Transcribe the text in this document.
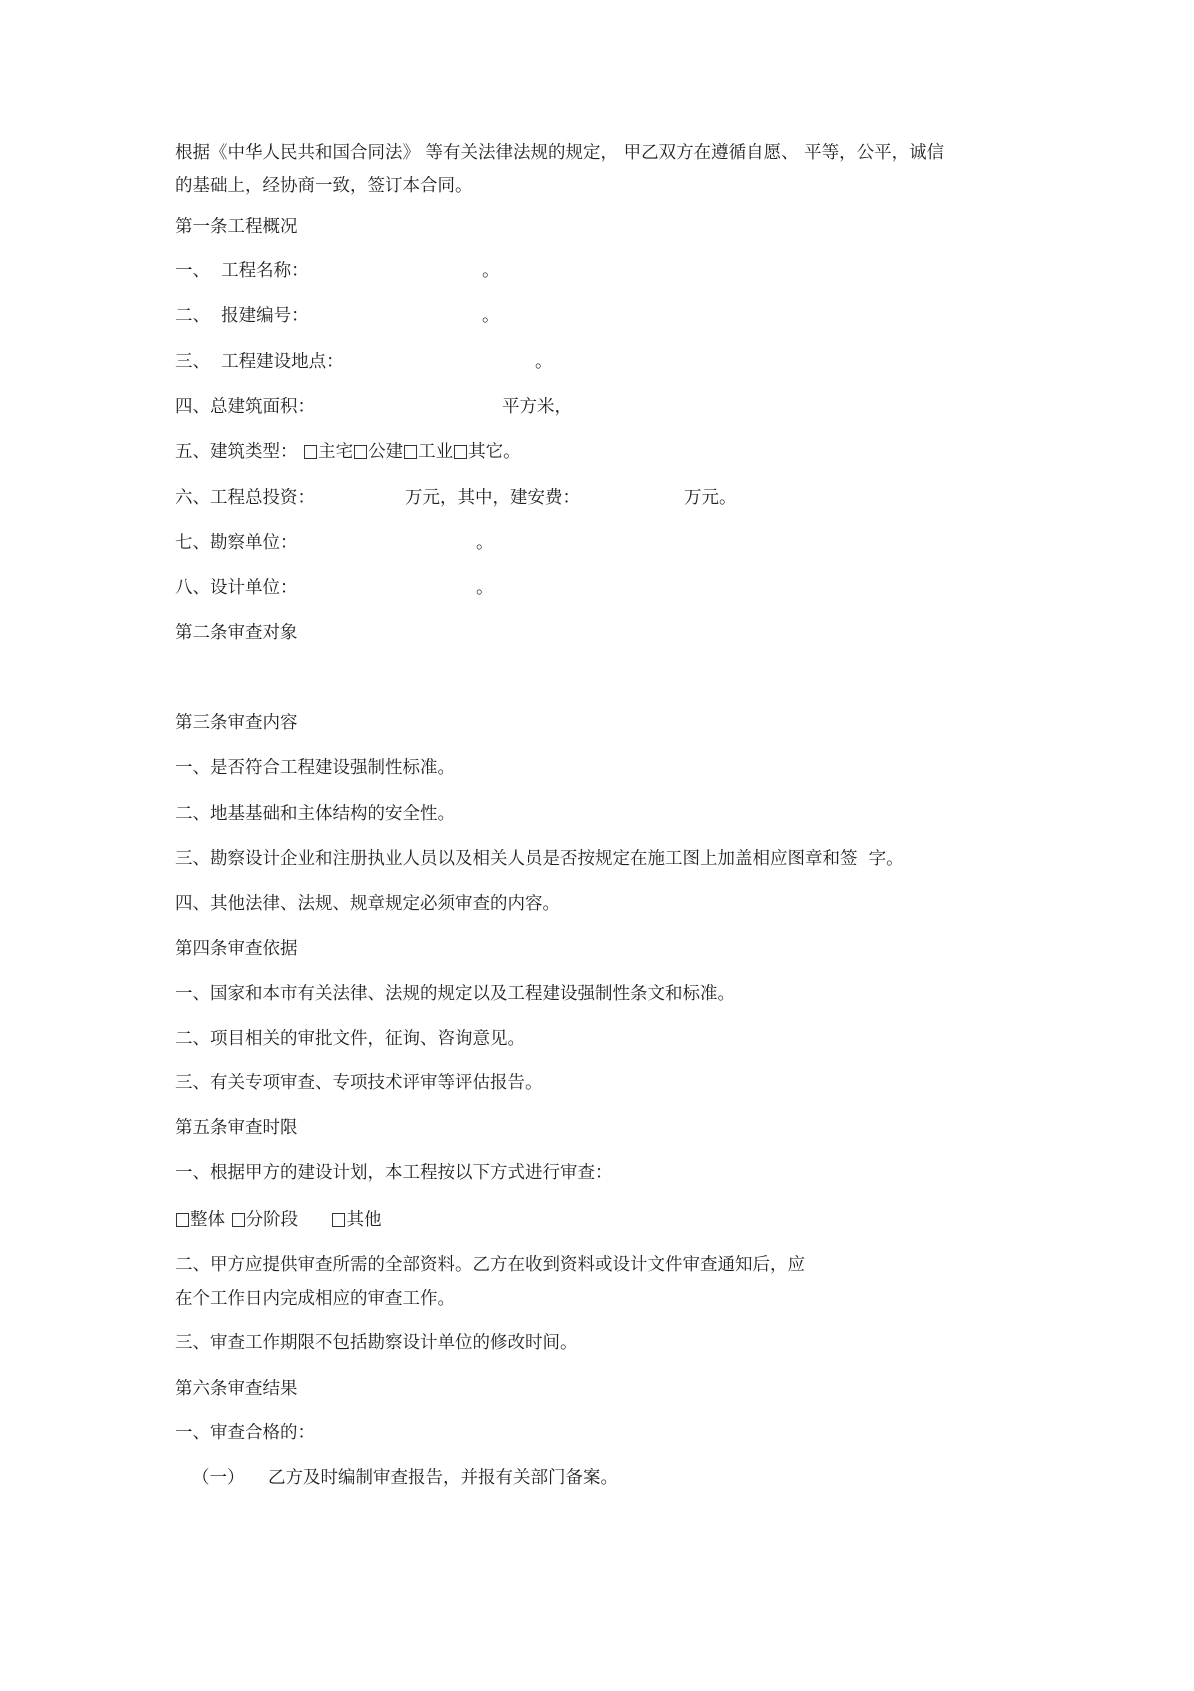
根据《中华人民共和国合同法》 等有关法律法规的规定， 甲乙双方在遵循自愿、 平等，公平，诚信
的基础上，经协商一致，签订本合同。
第一条工程概况
一、  工程名称：	。
二、  报建编号：	。
三、  工程建设地点：	。
四、总建筑面积：	平方米，
五、建筑类型： 主宅 公建 工业 其它。
六、工程总投资：	万元，其中，建安费：	万元。
七、勘察单位：	。
八、设计单位：	。
第二条审查对象
第三条审查内容
一、是否符合工程建设强制性标准。
二、地基基础和主体结构的安全性。
三、勘察设计企业和注册执业人员以及相关人员是否按规定在施工图上加盖相应图章和签  字。
四、其他法律、法规、规章规定必须审查的内容。
第四条审查依据
一、国家和本市有关法律、法规的规定以及工程建设强制性条文和标准。
二、项目相关的审批文件，征询、咨询意见。
三、有关专项审查、专项技术评审等评估报告。
第五条审查时限
一、根据甲方的建设计划，本工程按以下方式进行审查：
整体 分阶段	其他
二、甲方应提供审查所需的全部资料。乙方在收到资料或设计文件审查通知后，应
在个工作日内完成相应的审查工作。
三、审查工作期限不包括勘察设计单位的修改时间。
第六条审查结果
一、审查合格的：
（一） 乙方及时编制审查报告，并报有关部门备案。
